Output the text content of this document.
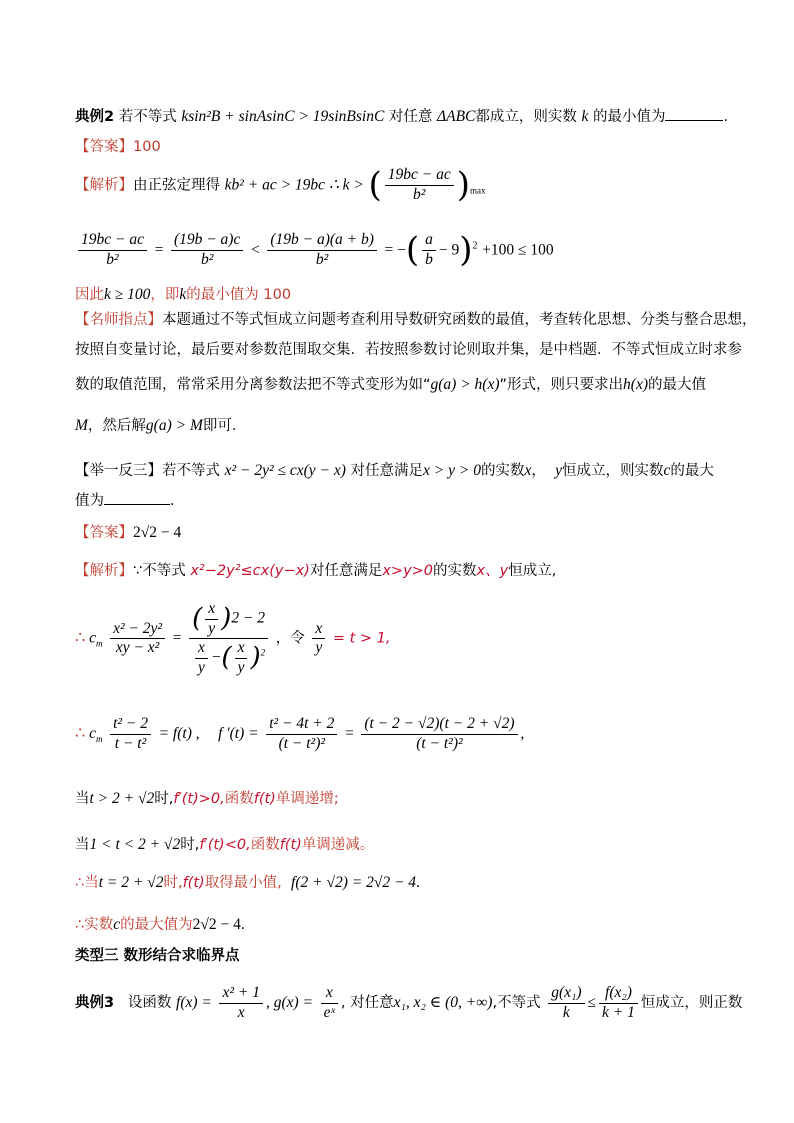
典例2 若不等式 ksin²B + sinAsinC > 19sinBsinC 对任意 ΔABC都成立，则实数 k 的最小值为	.
【答案】100
【解析】由正弦定理得 kb² + ac > 19bc ∴ k > ( $\frac{19bc - ac}{\text{b²}} )_{max}$
$\frac{19bc - ac}{\text{b²}} = \frac{(19b - a)c}{\text{b²}} < \frac{(19b - a)(a + b)}{\text{b²}}$ = −( $\frac{a}{b} - 9)^2 +100 \le 100$
因此k ≥ 100，即k的最小值为 100
【名师指点】本题通过不等式恒成立问题考查利用导数研究函数的最值，考查转化思想、分类与整合思想，
按照自变量讨论，最后要对参数范围取交集．若按照参数讨论则取并集，是中档题．不等式恒成立时求参
数的取值范围，常常采用分离参数法把不等式变形为如“g(a) > h(x)”形式，则只要求出h(x)的最大值
M，然后解g(a) > M即可．
【举一反三】若不等式 x² − 2y² ≤ cx(y − x) 对任意满足x > y > 0的实数x， y恒成立，则实数c的最大
值为	．
【答案】2√2 − 4
【解析】∵不等式 x²−2y²≤cx(y−x)对任意满足x>y>0的实数x、y恒成立,
∴ $c_m \frac{\text{x² − 2y²}}{\text{xy − x²}} = \frac{( \frac{x}{y} )2 - 2}{\frac{x}{y} -( \frac{x}{y} )^2}$ ，令 $\frac{x}{y} = t > 1$,
∴ $c_m \frac{\text{t² − 2}}{\text{t − t²}} = f(t)$ , f $'(t) = \frac{\text{t² − 4t + 2}}{\text{(t − t²)²}} = \frac{(t - 2 - √2)(t - 2 + √2)}{\text{(t − t²)²}}$ ,
当t > 2 + √2时,f′(t)>0,函数f(t)单调递增;
当1 < t < 2 + √2时,f′(t)<0,函数f(t)单调递减。
∴当t = 2 + √2时,f(t)取得最小值, f(2 + √2) = 2√2 − 4.
∴实数c的最大值为2√2 − 4.
类型三 数形结合求临界点
典例3 设函数 $f(x) = \frac{\text{x² + 1}}{x}$ , $g(x) = \frac{x}{\text{eˣ}}$ , 对任意x₁, x₂ ∈ (0, +∞),不等式 $\frac{\text{g(x₁)}}{k} \le \frac{\text{f(x₂)}}{k + 1}$ 恒成立，则正数
